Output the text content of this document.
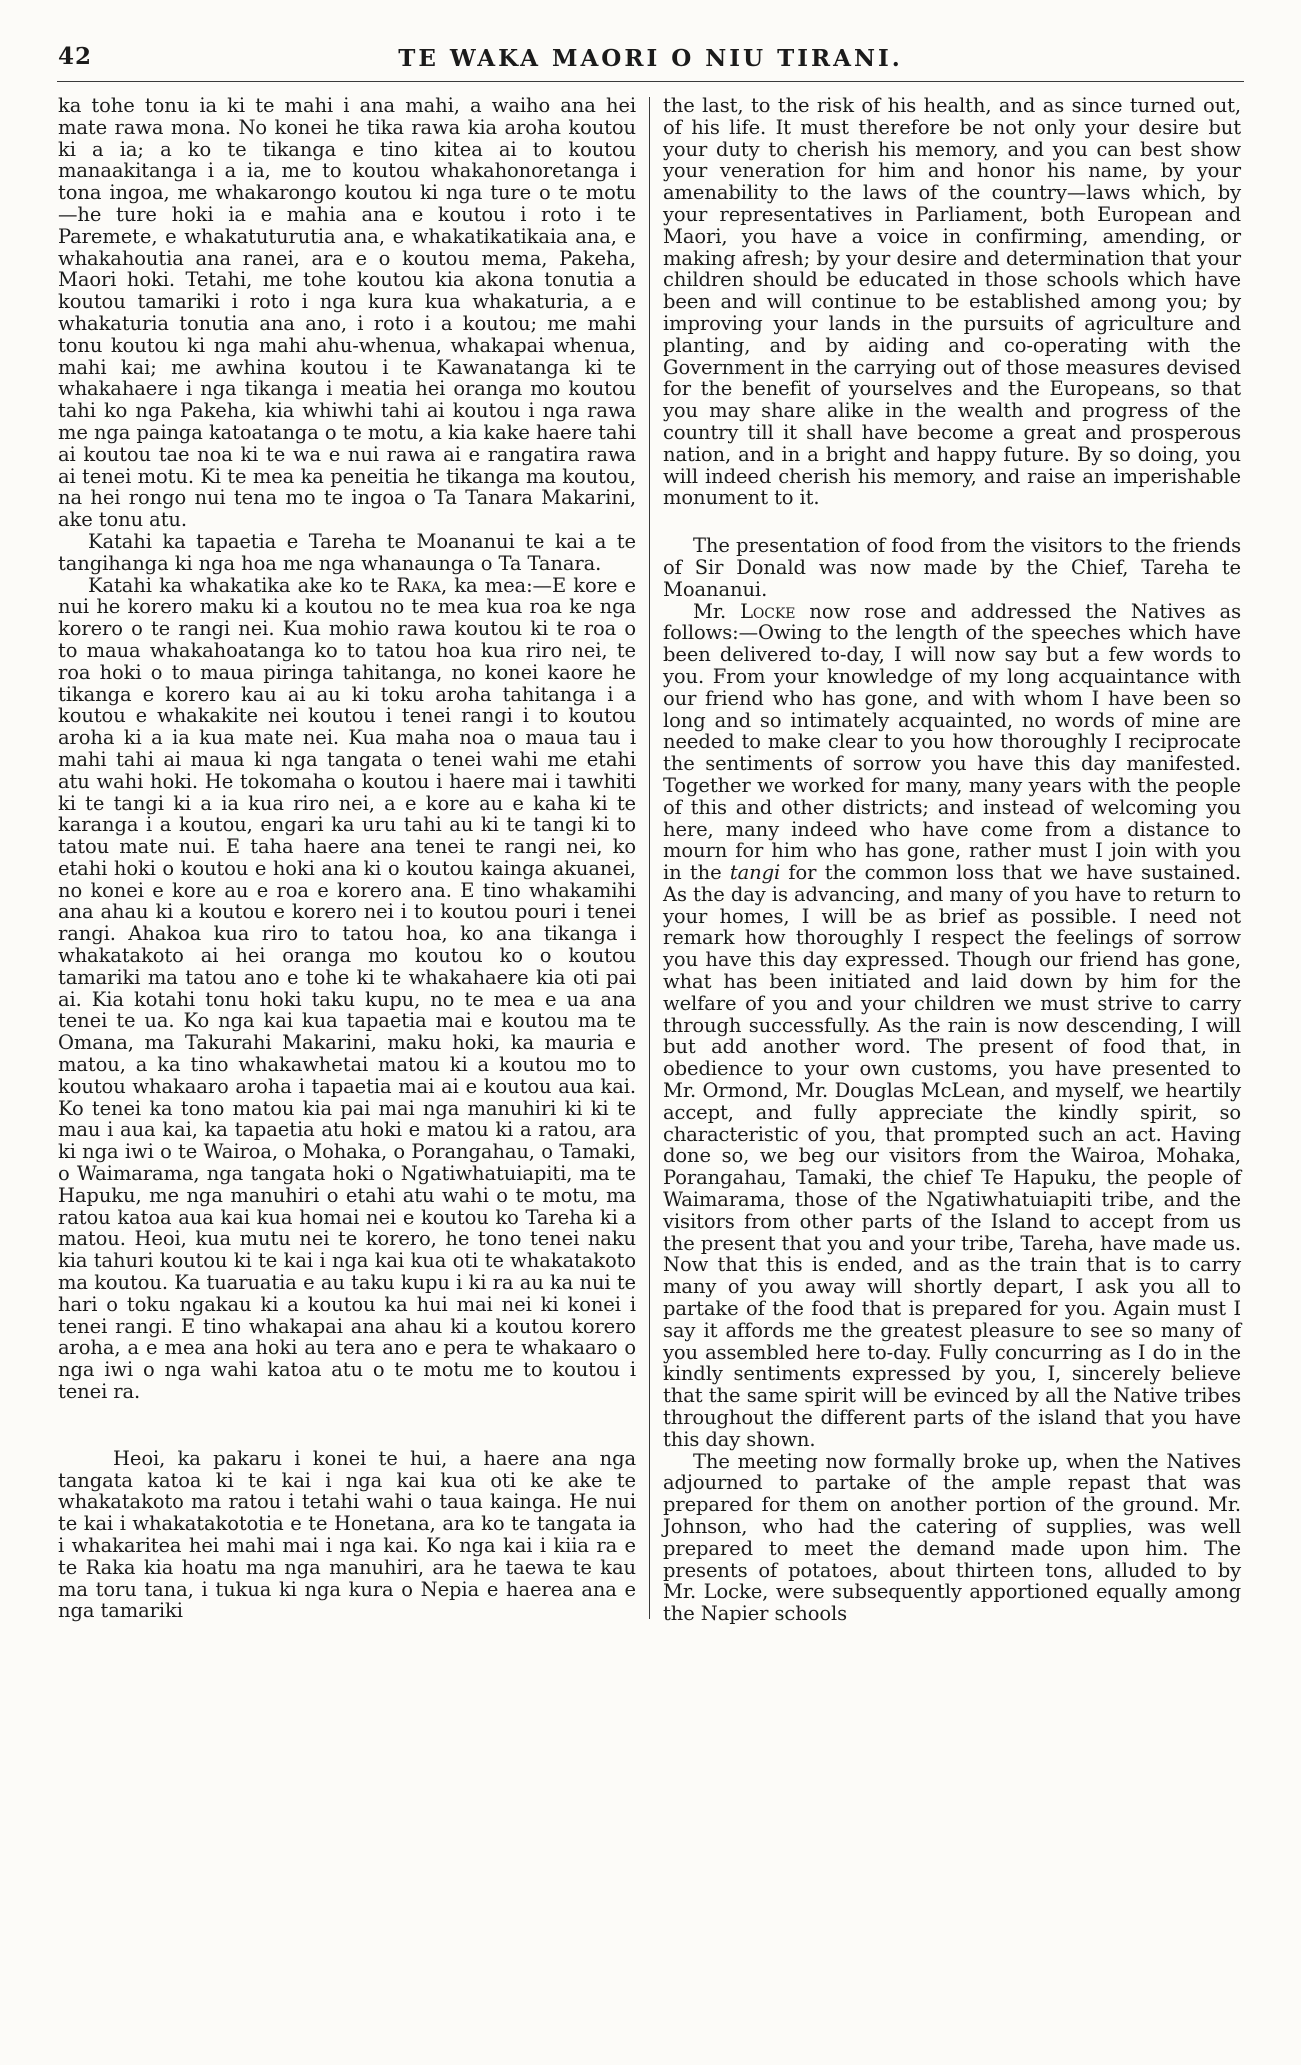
42	TE WAKA MAORI O NIU TIRANI.

ka tohe tonu ia ki te mahi i ana mahi, a waiho ana hei mate rawa mona. No konei he tika rawa kia aroha koutou ki a ia; a ko te tikanga e tino kitea ai to koutou manaakitanga i a ia, me to koutou whakahonoretanga i tona ingoa, me whakarongo koutou ki nga ture o te motu—he ture hoki ia e mahia ana e koutou i roto i te Paremete, e whakatuturutia ana, e whakatikatikaia ana, e whakahoutia ana ranei, ara e o koutou mema, Pakeha, Maori hoki. Tetahi, me tohe koutou kia akona tonutia a koutou tamariki i roto i nga kura kua whakaturia, a e whakaturia tonutia ana ano, i roto i a koutou; me mahi tonu koutou ki nga mahi ahu-whenua, whakapai whenua, mahi kai; me awhina koutou i te Kawanatanga ki te whakahaere i nga tikanga i meatia hei oranga mo koutou tahi ko nga Pakeha, kia whiwhi tahi ai koutou i nga rawa me nga painga katoatanga o te motu, a kia kake haere tahi ai koutou tae noa ki te wa e nui rawa ai e rangatira rawa ai tenei motu. Ki te mea ka peneitia he tikanga ma koutou, na hei rongo nui tena mo te ingoa o Ta Tanara Makarini, ake tonu atu.

Katahi ka tapaetia e Tareha te Moananui te kai a te tangihanga ki nga hoa me nga whanaunga o Ta Tanara.

Katahi ka whakatika ake ko te Raka, ka mea:—E kore e nui he korero maku ki a koutou no te mea kua roa ke nga korero o te rangi nei. Kua mohio rawa koutou ki te roa o to maua whakahoatanga ko to tatou hoa kua riro nei, te roa hoki o to maua piringa tahitanga, no konei kaore he tikanga e korero kau ai au ki toku aroha tahitanga i a koutou e whakakite nei koutou i tenei rangi i to koutou aroha ki a ia kua mate nei. Kua maha noa o maua tau i mahi tahi ai maua ki nga tangata o tenei wahi me etahi atu wahi hoki. He tokomaha o koutou i haere mai i tawhiti ki te tangi ki a ia kua riro nei, a e kore au e kaha ki te karanga i a koutou, engari ka uru tahi au ki te tangi ki to tatou mate nui. E taha haere ana tenei te rangi nei, ko etahi hoki o koutou e hoki ana ki o koutou kainga akuanei, no konei e kore au e roa e korero ana. E tino whakamihi ana ahau ki a koutou e korero nei i to koutou pouri i tenei rangi. Ahakoa kua riro to tatou hoa, ko ana tikanga i whakatakoto ai hei oranga mo koutou ko o koutou tamariki ma tatou ano e tohe ki te whakahaere kia oti pai ai. Kia kotahi tonu hoki taku kupu, no te mea e ua ana tenei te ua. Ko nga kai kua tapaetia mai e koutou ma te Omana, ma Takurahi Makarini, maku hoki, ka mauria e matou, a ka tino whakawhetai matou ki a koutou mo to koutou whakaaro aroha i tapaetia mai ai e koutou aua kai. Ko tenei ka tono matou kia pai mai nga manuhiri ki ki te mau i aua kai, ka tapaetia atu hoki e matou ki a ratou, ara ki nga iwi o te Wairoa, o Mohaka, o Porangahau, o Tamaki, o Waimarama, nga tangata hoki o Ngatiwhatuiapiti, ma te Hapuku, me nga manuhiri o etahi atu wahi o te motu, ma ratou katoa aua kai kua homai nei e koutou ko Tareha ki a matou. Heoi, kua mutu nei te korero, he tono tenei naku kia tahuri koutou ki te kai i nga kai kua oti te whakatakoto ma koutou. Ka tuaruatia e au taku kupu i ki ra au ka nui te hari o toku ngakau ki a koutou ka hui mai nei ki konei i tenei rangi. E tino whakapai ana ahau ki a koutou korero aroha, a e mea ana hoki au tera ano e pera te whakaaro o nga iwi o nga wahi katoa atu o te motu me to koutou i tenei ra.

Heoi, ka pakaru i konei te hui, a haere ana nga tangata katoa ki te kai i nga kai kua oti ke ake te whakatakoto ma ratou i tetahi wahi o taua kainga. He nui te kai i whakatakototia e te Honetana, ara ko te tangata ia i whakaritea hei mahi mai i nga kai. Ko nga kai i kiia ra e te Raka kia hoatu ma nga manuhiri, ara he taewa te kau ma toru tana, i tukua ki nga kura o Nepia e haerea ana e nga tamariki

the last, to the risk of his health, and as since turned out, of his life. It must therefore be not only your desire but your duty to cherish his memory, and you can best show your veneration for him and honor his name, by your amenability to the laws of the country—laws which, by your representatives in Parliament, both European and Maori, you have a voice in confirming, amending, or making afresh; by your desire and determination that your children should be educated in those schools which have been and will continue to be established among you; by improving your lands in the pursuits of agriculture and planting, and by aiding and co-operating with the Government in the carrying out of those measures devised for the benefit of yourselves and the Europeans, so that you may share alike in the wealth and progress of the country till it shall have become a great and prosperous nation, and in a bright and happy future. By so doing, you will indeed cherish his memory, and raise an imperishable monument to it.

The presentation of food from the visitors to the friends of Sir Donald was now made by the Chief, Tareha te Moananui.

Mr. Locke now rose and addressed the Natives as follows:—Owing to the length of the speeches which have been delivered to-day, I will now say but a few words to you. From your knowledge of my long acquaintance with our friend who has gone, and with whom I have been so long and so intimately acquainted, no words of mine are needed to make clear to you how thoroughly I reciprocate the sentiments of sorrow you have this day manifested. Together we worked for many, many years with the people of this and other districts; and instead of welcoming you here, many indeed who have come from a distance to mourn for him who has gone, rather must I join with you in the tangi for the common loss that we have sustained. As the day is advancing, and many of you have to return to your homes, I will be as brief as possible. I need not remark how thoroughly I respect the feelings of sorrow you have this day expressed. Though our friend has gone, what has been initiated and laid down by him for the welfare of you and your children we must strive to carry through successfully. As the rain is now descending, I will but add another word. The present of food that, in obedience to your own customs, you have presented to Mr. Ormond, Mr. Douglas McLean, and myself, we heartily accept, and fully appreciate the kindly spirit, so characteristic of you, that prompted such an act. Having done so, we beg our visitors from the Wairoa, Mohaka, Porangahau, Tamaki, the chief Te Hapuku, the people of Waimarama, those of the Ngatiwhatuiapiti tribe, and the visitors from other parts of the Island to accept from us the present that you and your tribe, Tareha, have made us. Now that this is ended, and as the train that is to carry many of you away will shortly depart, I ask you all to partake of the food that is prepared for you. Again must I say it affords me the greatest pleasure to see so many of you assembled here to-day. Fully concurring as I do in the kindly sentiments expressed by you, I, sincerely believe that the same spirit will be evinced by all the Native tribes throughout the different parts of the island that you have this day shown.

The meeting now formally broke up, when the Natives adjourned to partake of the ample repast that was prepared for them on another portion of the ground. Mr. Johnson, who had the catering of supplies, was well prepared to meet the demand made upon him. The presents of potatoes, about thirteen tons, alluded to by Mr. Locke, were subsequently apportioned equally among the Napier schools
